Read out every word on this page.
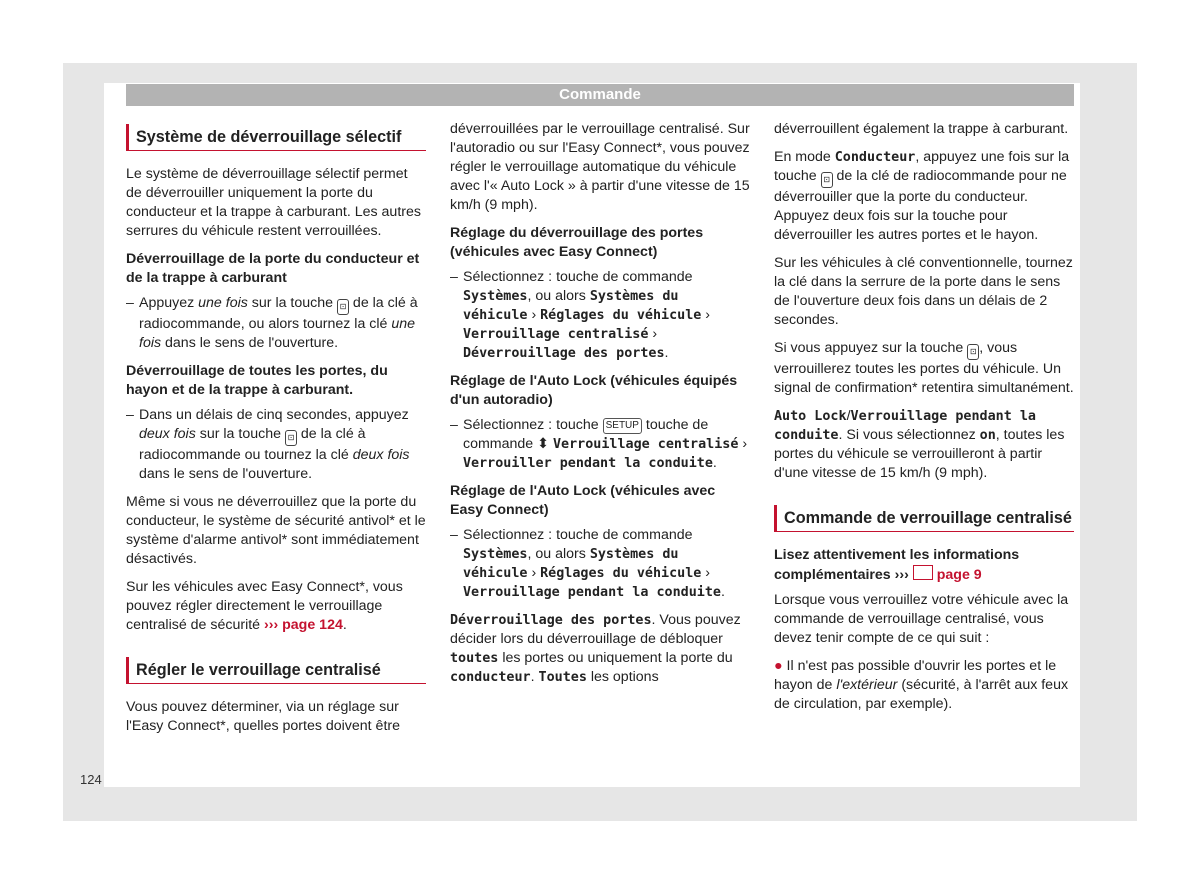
Commande
Système de déverrouillage sélectif

Le système de déverrouillage sélectif permet de déverrouiller uniquement la porte du conducteur et la trappe à carburant. Les autres serrures du véhicule restent verrouillées.

Déverrouillage de la porte du conducteur et de la trappe à carburant

– Appuyez une fois sur la touche ⊡ de la clé à radiocommande, ou alors tournez la clé une fois dans le sens de l'ouverture.

Déverrouillage de toutes les portes, du hayon et de la trappe à carburant.

– Dans un délais de cinq secondes, appuyez deux fois sur la touche ⊡ de la clé à radiocommande ou tournez la clé deux fois dans le sens de l'ouverture.

Même si vous ne déverrouillez que la porte du conducteur, le système de sécurité antivol* et le système d'alarme antivol* sont immédiatement désactivés.

Sur les véhicules avec Easy Connect*, vous pouvez régler directement le verrouillage centralisé de sécurité ››› page 124.

Régler le verrouillage centralisé

Vous pouvez déterminer, via un réglage sur l'Easy Connect*, quelles portes doivent être

déverrouillées par le verrouillage centralisé. Sur l'autoradio ou sur l'Easy Connect*, vous pouvez régler le verrouillage automatique du véhicule avec l'« Auto Lock » à partir d'une vitesse de 15 km/h (9 mph).

Réglage du déverrouillage des portes (véhicules avec Easy Connect)

– Sélectionnez : touche de commande Systèmes, ou alors Systèmes du véhicule › Réglages du véhicule › Verrouillage centralisé › Déverrouillage des portes.

Réglage de l'Auto Lock (véhicules équipés d'un autoradio)

– Sélectionnez : touche SETUP touche de commande ⬍ Verrouillage centralisé › Verrouiller pendant la conduite.

Réglage de l'Auto Lock (véhicules avec Easy Connect)

– Sélectionnez : touche de commande Systèmes, ou alors Systèmes du véhicule › Réglages du véhicule › Verrouillage pendant la conduite.

Déverrouillage des portes. Vous pouvez décider lors du déverrouillage de débloquer toutes les portes ou uniquement la porte du conducteur. Toutes les options

déverrouillent également la trappe à carburant.

En mode Conducteur, appuyez une fois sur la touche ⊡ de la clé de radiocommande pour ne déverrouiller que la porte du conducteur. Appuyez deux fois sur la touche pour déverrouiller les autres portes et le hayon.

Sur les véhicules à clé conventionnelle, tournez la clé dans la serrure de la porte dans le sens de l'ouverture deux fois dans un délais de 2 secondes.

Si vous appuyez sur la touche ⊡ , vous verrouillerez toutes les portes du véhicule. Un signal de confirmation* retentira simultanément.

Auto Lock/Verrouillage pendant la conduite. Si vous sélectionnez on, toutes les portes du véhicule se verrouilleront à partir d'une vitesse de 15 km/h (9 mph).

Commande de verrouillage centralisé

Lisez attentivement les informations complémentaires ›››  page 9

Lorsque vous verrouillez votre véhicule avec la commande de verrouillage centralisé, vous devez tenir compte de ce qui suit :

● Il n'est pas possible d'ouvrir les portes et le hayon de l'extérieur (sécurité, à l'arrêt aux feux de circulation, par exemple).

124
